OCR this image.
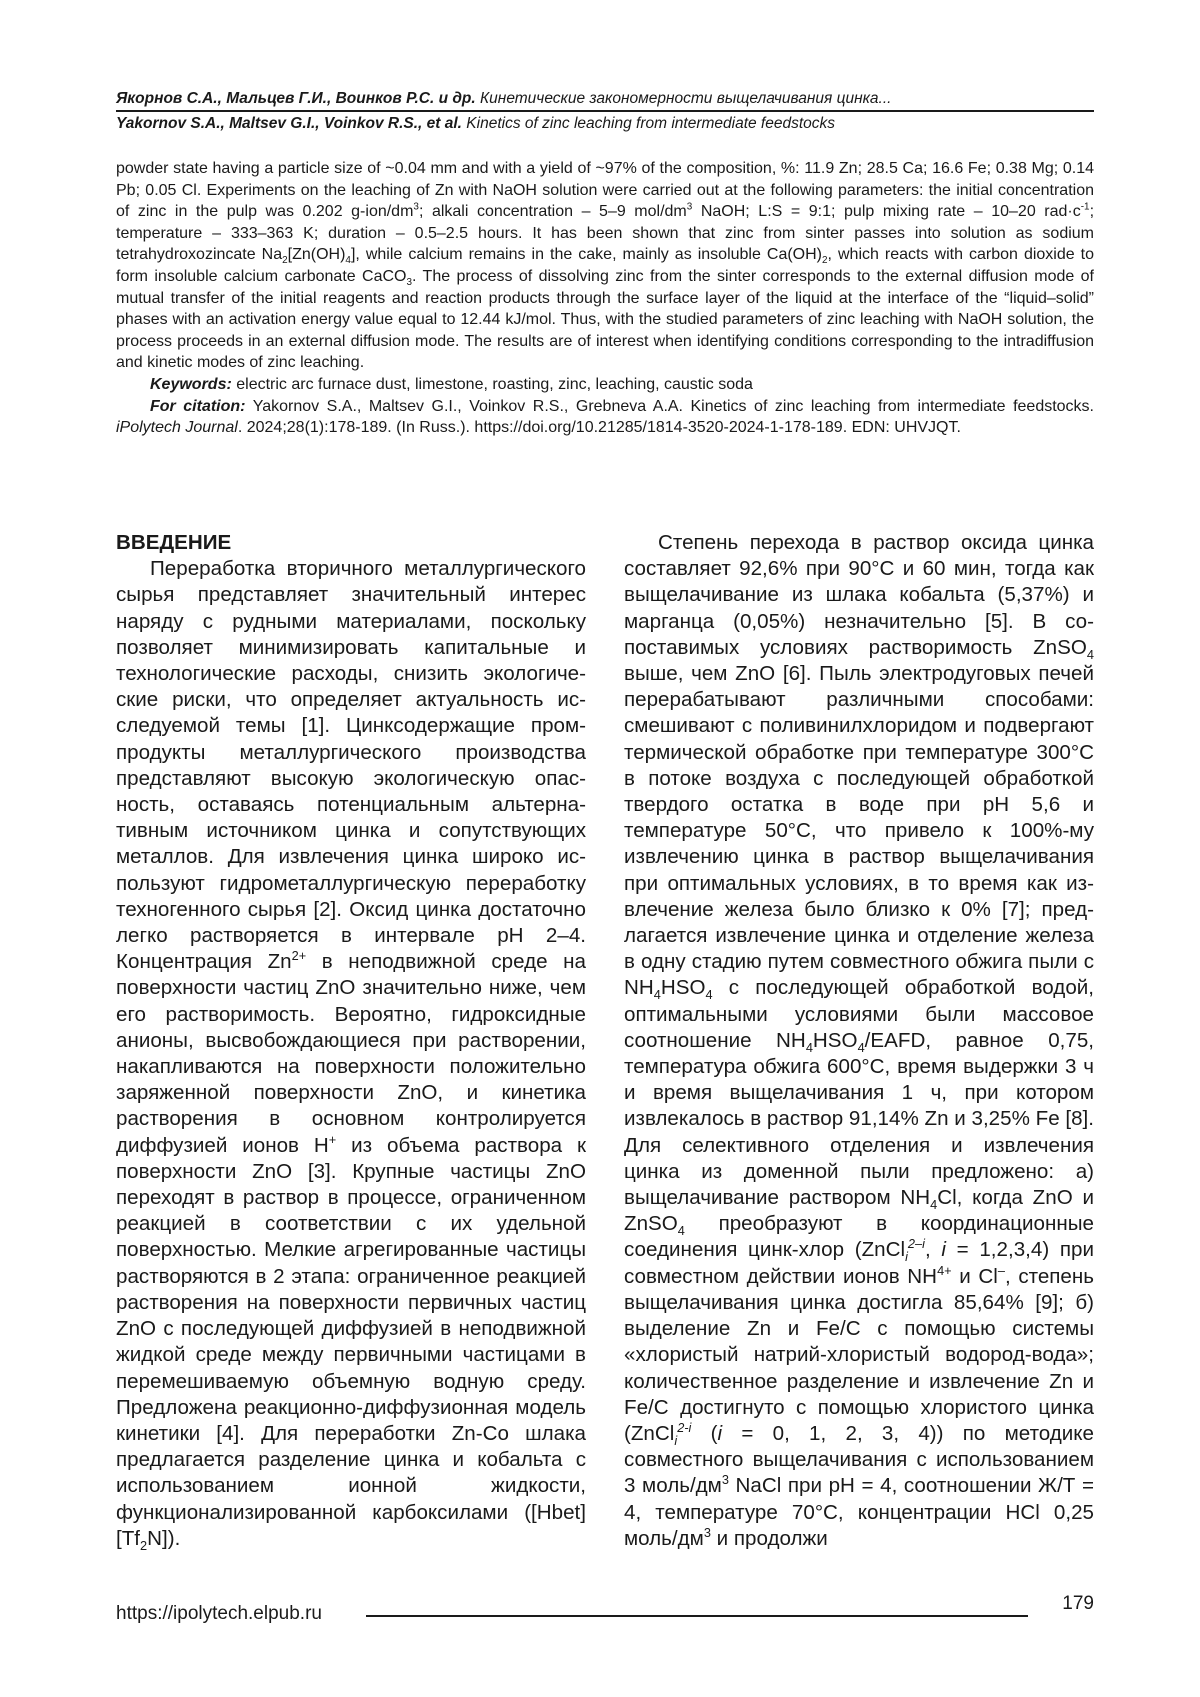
Якорнов С.А., Мальцев Г.И., Воинков Р.С. и др. Кинетические закономерности выщелачивания цинка...
Yakornov S.A., Maltsev G.I., Voinkov R.S., et al. Kinetics of zinc leaching from intermediate feedstocks

powder state having a particle size of ~0.04 mm and with a yield of ~97% of the composition, %: 11.9 Zn; 28.5 Ca; 16.6 Fe; 0.38 Mg; 0.14 Pb; 0.05 Cl. Experiments on the leaching of Zn with NaOH solution were carried out at the following parameters: the initial concentration of zinc in the pulp was 0.202 $g-ion/dm^3$; alkali concentration – 5–9 mol/$dm^3$ NaOH; L:S = 9:1; pulp mixing rate – 10–20 $rad\cdot c^{-1}$; temperature – 333–363 K; duration – 0.5–2.5 hours. It has been shown that zinc from sinter passes into solution as sodium tetrahydroxozincate $Na_2[Zn(OH)_4]$, while calcium remains in the cake, mainly as insoluble $Ca(OH)_2$, which reacts with carbon dioxide to form insoluble calcium carbonate CaCO$_3$. The process of dissolving zinc from the sinter corresponds to the external diffusion mode of mutual transfer of the initial reagents and reaction products through the surface layer of the liquid at the interface of the “liquid–solid” phases with an activation energy value equal to 12.44 kJ/mol. Thus, with the studied parameters of zinc leaching with NaOH solution, the process proceeds in an external diffusion mode. The results are of interest when identifying conditions corresponding to the intradiffusion and kinetic modes of zinc leaching.

Keywords: electric arc furnace dust, limestone, roasting, zinc, leaching, caustic soda

For citation: Yakornov S.A., Maltsev G.I., Voinkov R.S., Grebneva A.A. Kinetics of zinc leaching from intermediate feedstocks. iPolytech Journal. 2024;28(1):178-189. (In Russ.). https://doi.org/10.21285/1814-3520-2024-1-178-189. EDN: UHVJQT.

ВВЕДЕНИЕ

Переработка вторичного металлургического сырья представляет значительный интерес наряду с рудными материалами, поскольку позволяет минимизировать капитальные и технологические расходы, снизить экологические риски, что определяет актуальность исследуемой темы [1]. Цинксодержащие промпродукты металлургического производства представляют высокую экологическую опасность, оставаясь потенциальным альтернативным источником цинка и сопутствующих металлов. Для извлечения цинка широко используют гидрометаллургическую переработку техногенного сырья [2]. Оксид цинка достаточно легко растворяется в интервале рН 2–4. Концентрация $Zn^{2+}$ в неподвижной среде на поверхности частиц ZnO значительно ниже, чем его растворимость. Вероятно, гидроксидные анионы, высвобождающиеся при растворении, накапливаются на поверхности положительно заряженной поверхности ZnO, и кинетика растворения в основном контролируется диффузией ионов H+ из объема раствора к поверхности ZnO [3]. Крупные частицы ZnO переходят в раствор в процессе, ограниченном реакцией в соответствии с их удельной поверхностью. Мелкие агрегированные частицы растворяются в 2 этапа: ограниченное реакцией растворения на поверхности первичных частиц ZnO с последующей диффузией в неподвижной жидкой среде между первичными частицами в перемешиваемую объемную водную среду. Предложена реакционно-диффузионная модель кинетики [4]. Для переработки Zn-Co шлака предлагается разделение цинка и кобальта с использованием ионной жидкости, функционализированной карбоксилами $([Hbet][Tf_2N])$.

Степень перехода в раствор оксида цинка составляет 92,6% при 90°C и 60 мин, тогда как выщелачивание из шлака кобальта (5,37%) и марганца (0,05%) незначительно [5]. В сопоставимых условиях растворимость ZnSO$_4$ выше, чем ZnO [6]. Пыль электродуговых печей перерабатывают различными способами: смешивают с поливинилхлоридом и подвергают термической обработке при температуре 300°С в потоке воздуха с последующей обработкой твердого остатка в воде при рН 5,6 и температуре 50°С, что привело к 100%-му извлечению цинка в раствор выщелачивания при оптимальных условиях, в то время как извлечение железа было близко к 0% [7]; предлагается извлечение цинка и отделение железа в одну стадию путем совместного обжига пыли с $NH_4HSO_4$ с последующей обработкой водой, оптимальными условиями были массовое соотношение $NH_4HSO_4$/EAFD, равное 0,75, температура обжига 600°С, время выдержки 3 ч и время выщелачивания 1 ч, при котором извлекалось в раствор 91,14% Zn и 3,25% Fe [8]. Для селективного отделения и извлечения цинка из доменной пыли предложено: а) выщелачивание раствором $NH_4Cl$, когда ZnO и ZnSO$_4$ преобразуют в координационные соединения цинк-хлор (ZnCl$_i^{2-i}$, i = 1,2,3,4) при совместном действии ионов $NH^{4+}$ и Cl–, степень выщелачивания цинка достигла 85,64% [9]; б) выделение Zn и Fe/C с помощью системы «хлористый натрий-хлористый водород-вода»; количественное разделение и извлечение Zn и Fe/C достигнуто с помощью хлористого цинка (ZnCl$_i^{2-i}$ (i = 0, 1, 2, 3, 4)) по методике совместного выщелачивания с использованием 3 моль/$дм^3$ NaCl при рН = 4, соотношении Ж/Т = 4, температуре 70°С, концентрации HCl 0,25 моль/$дм^3$ и продолжи

https://ipolytech.elpub.ru	179
